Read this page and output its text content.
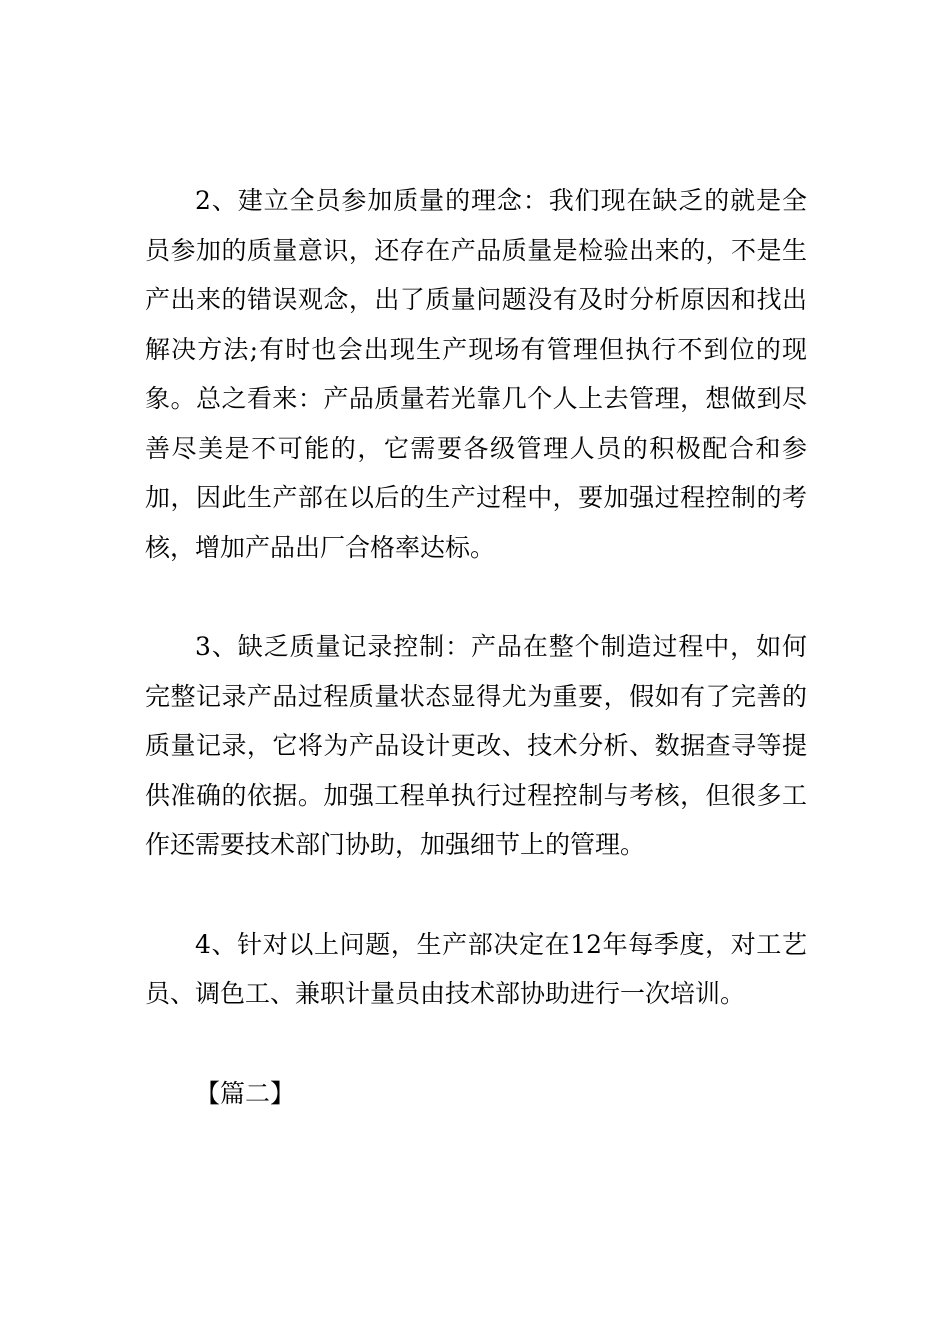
2、建立全员参加质量的理念：我们现在缺乏的就是全员参加的质量意识，还存在产品质量是检验出来的，不是生产出来的错误观念，出了质量问题没有及时分析原因和找出解决方法;有时也会出现生产现场有管理但执行不到位的现象。总之看来：产品质量若光靠几个人上去管理，想做到尽善尽美是不可能的，它需要各级管理人员的积极配合和参加，因此生产部在以后的生产过程中，要加强过程控制的考核，增加产品出厂合格率达标。

3、缺乏质量记录控制：产品在整个制造过程中，如何完整记录产品过程质量状态显得尤为重要，假如有了完善的质量记录，它将为产品设计更改、技术分析、数据查寻等提供准确的依据。加强工程单执行过程控制与考核，但很多工作还需要技术部门协助，加强细节上的管理。

4、针对以上问题，生产部决定在12年每季度，对工艺员、调色工、兼职计量员由技术部协助进行一次培训。

【篇二】
